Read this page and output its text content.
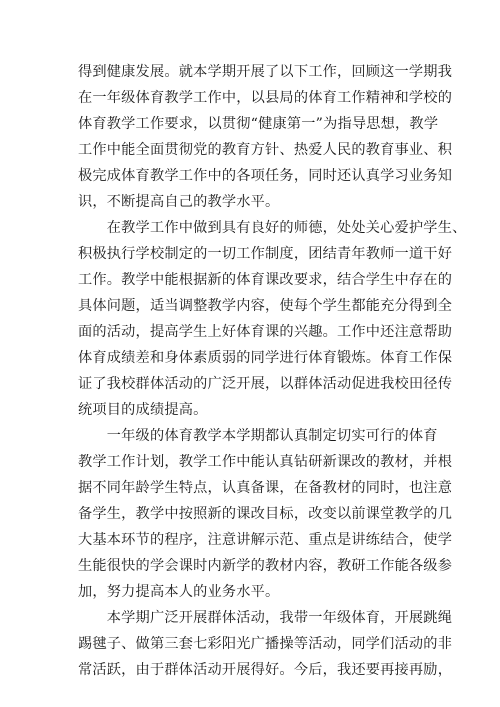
得到健康发展。就本学期开展了以下工作，回顾这一学期我
在一年级体育教学工作中，以县局的体育工作精神和学校的
体育教学工作要求，以贯彻“健康第一”为指导思想，教学
工作中能全面贯彻党的教育方针、热爱人民的教育事业、积
极完成体育教学工作中的各项任务，同时还认真学习业务知
识，不断提高自己的教学水平。
　　在教学工作中做到具有良好的师德，处处关心爱护学生、
积极执行学校制定的一切工作制度，团结青年教师一道干好
工作。教学中能根据新的体育课改要求，结合学生中存在的
具体问题，适当调整教学内容，使每个学生都能充分得到全
面的活动，提高学生上好体育课的兴趣。工作中还注意帮助
体育成绩差和身体素质弱的同学进行体育锻炼。体育工作保
证了我校群体活动的广泛开展，以群体活动促进我校田径传
统项目的成绩提高。
　　一年级的体育教学本学期都认真制定切实可行的体育
教学工作计划，教学工作中能认真钻研新课改的教材，并根
据不同年龄学生特点，认真备课，在备教材的同时，也注意
备学生，教学中按照新的课改目标，改变以前课堂教学的几
大基本环节的程序，注意讲解示范、重点是讲练结合，使学
生能很快的学会课时内新学的教材内容，教研工作能各级参
加，努力提高本人的业务水平。
　　本学期广泛开展群体活动，我带一年级体育，开展跳绳
踢毽子、做第三套七彩阳光广播操等活动，同学们活动的非
常活跃，由于群体活动开展得好。今后，我还要再接再励，
